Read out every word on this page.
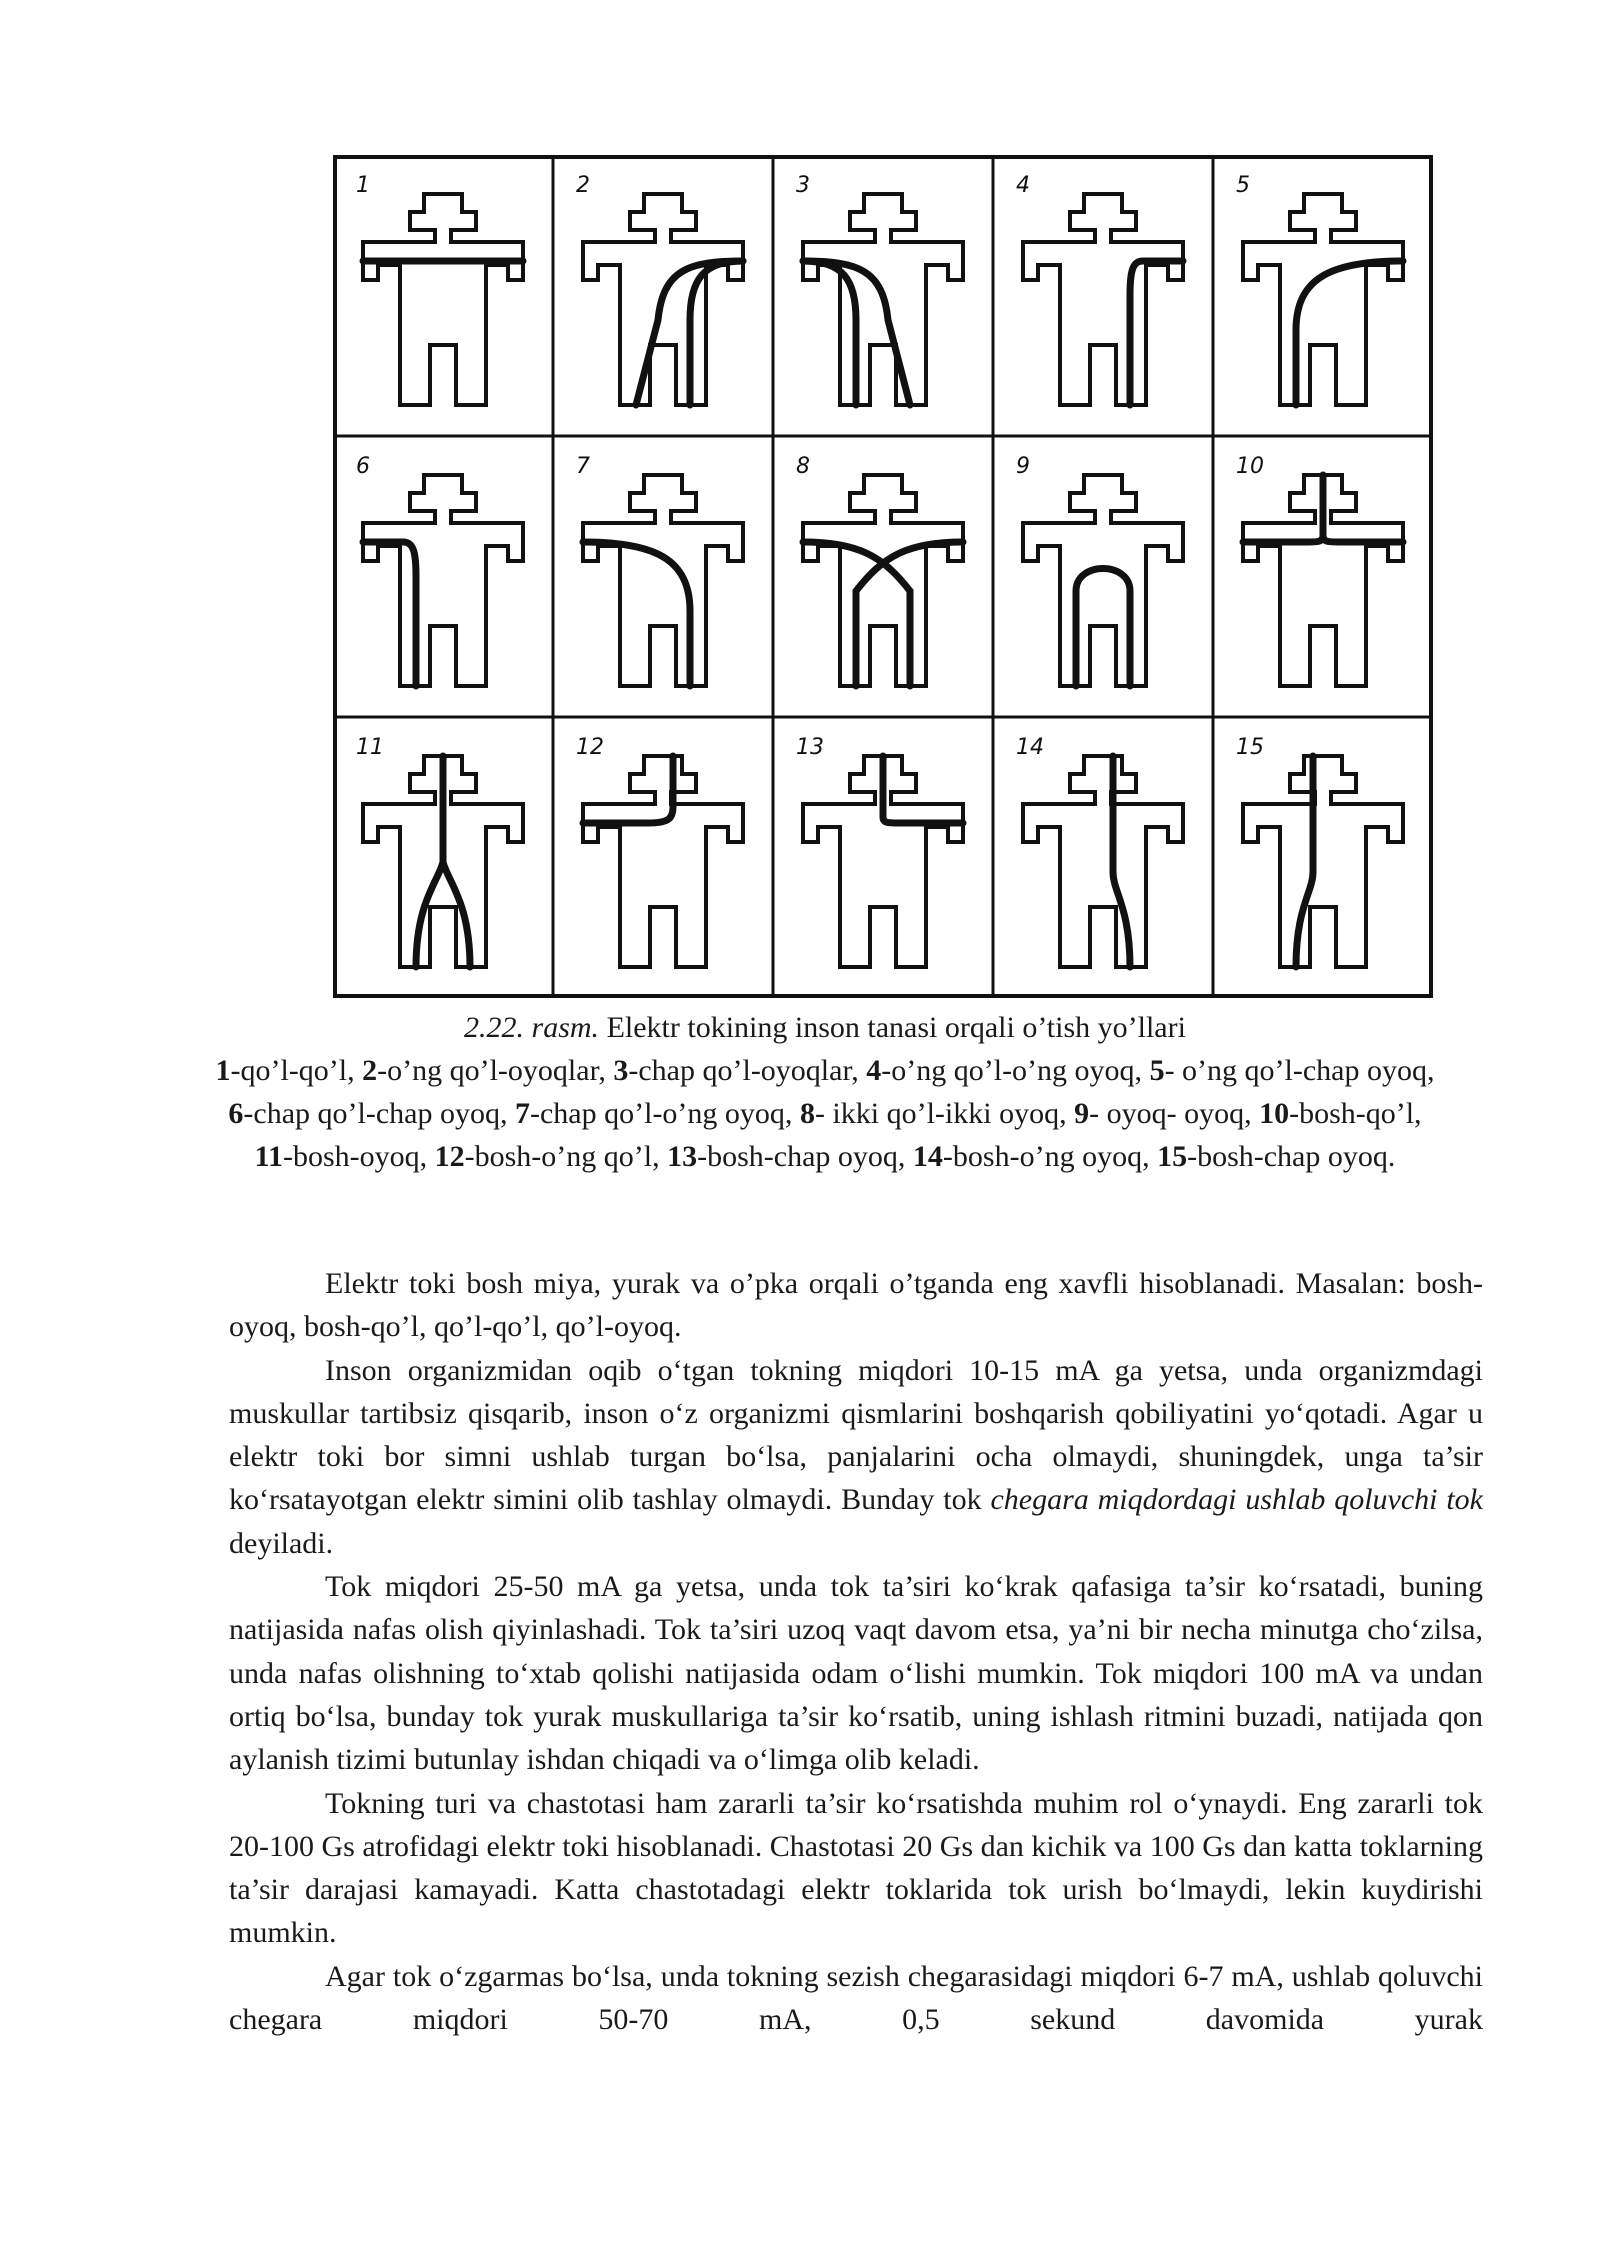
1	2	3	4	5
6	7	8	9	10
11	12	13	14	15
2.22. rasm. Elektr tokining inson tanasi orqali o’tish yo’llari
1-qo’l-qo’l, 2-o’ng qo’l-oyoqlar, 3-chap qo’l-oyoqlar, 4-o’ng qo’l-o’ng oyoq, 5- o’ng qo’l-chap oyoq, 6-chap qo’l-chap oyoq, 7-chap qo’l-o’ng oyoq, 8- ikki qo’l-ikki oyoq, 9- oyoq- oyoq, 10-bosh-qo’l, 11-bosh-oyoq, 12-bosh-o’ng qo’l, 13-bosh-chap oyoq, 14-bosh-o’ng oyoq, 15-bosh-chap oyoq.

Elektr toki bosh miya, yurak va o’pka orqali o’tganda eng xavfli hisoblanadi. Masalan: bosh-oyoq, bosh-qo’l, qo’l-qo’l, qo’l-oyoq.

Inson organizmidan oqib o‘tgan tokning miqdori 10-15 mA ga yetsa, unda organizmdagi muskullar tartibsiz qisqarib, inson o‘z organizmi qismlarini boshqarish qobiliyatini yo‘qotadi. Agar u elektr toki bor simni ushlab turgan bo‘lsa, panjalarini ocha olmaydi, shuningdek, unga ta’sir ko‘rsatayotgan elektr simini olib tashlay olmaydi. Bunday tok chegara miqdordagi ushlab qoluvchi tok deyiladi.

Tok miqdori 25-50 mA ga yetsa, unda tok ta’siri ko‘krak qafasiga ta’sir ko‘rsatadi, buning natijasida nafas olish qiyinlashadi. Tok ta’siri uzoq vaqt davom etsa, ya’ni bir necha minutga cho‘zilsa, unda nafas olishning to‘xtab qolishi natijasida odam o‘lishi mumkin. Tok miqdori 100 mA va undan ortiq bo‘lsa, bunday tok yurak muskullariga ta’sir ko‘rsatib, uning ishlash ritmini buzadi, natijada qon aylanish tizimi butunlay ishdan chiqadi va o‘limga olib keladi.

Tokning turi va chastotasi ham zararli ta’sir ko‘rsatishda muhim rol o‘ynaydi. Eng zararli tok 20-100 Gs atrofidagi elektr toki hisoblanadi. Chastotasi 20 Gs dan kichik va 100 Gs dan katta toklarning ta’sir darajasi kamayadi. Katta chastotadagi elektr toklarida tok urish bo‘lmaydi, lekin kuydirishi mumkin.

Agar tok o‘zgarmas bo‘lsa, unda tokning sezish chegarasidagi miqdori 6-7 mA, ushlab qoluvchi chegara miqdori 50-70 mA, 0,5 sekund davomida yurak
